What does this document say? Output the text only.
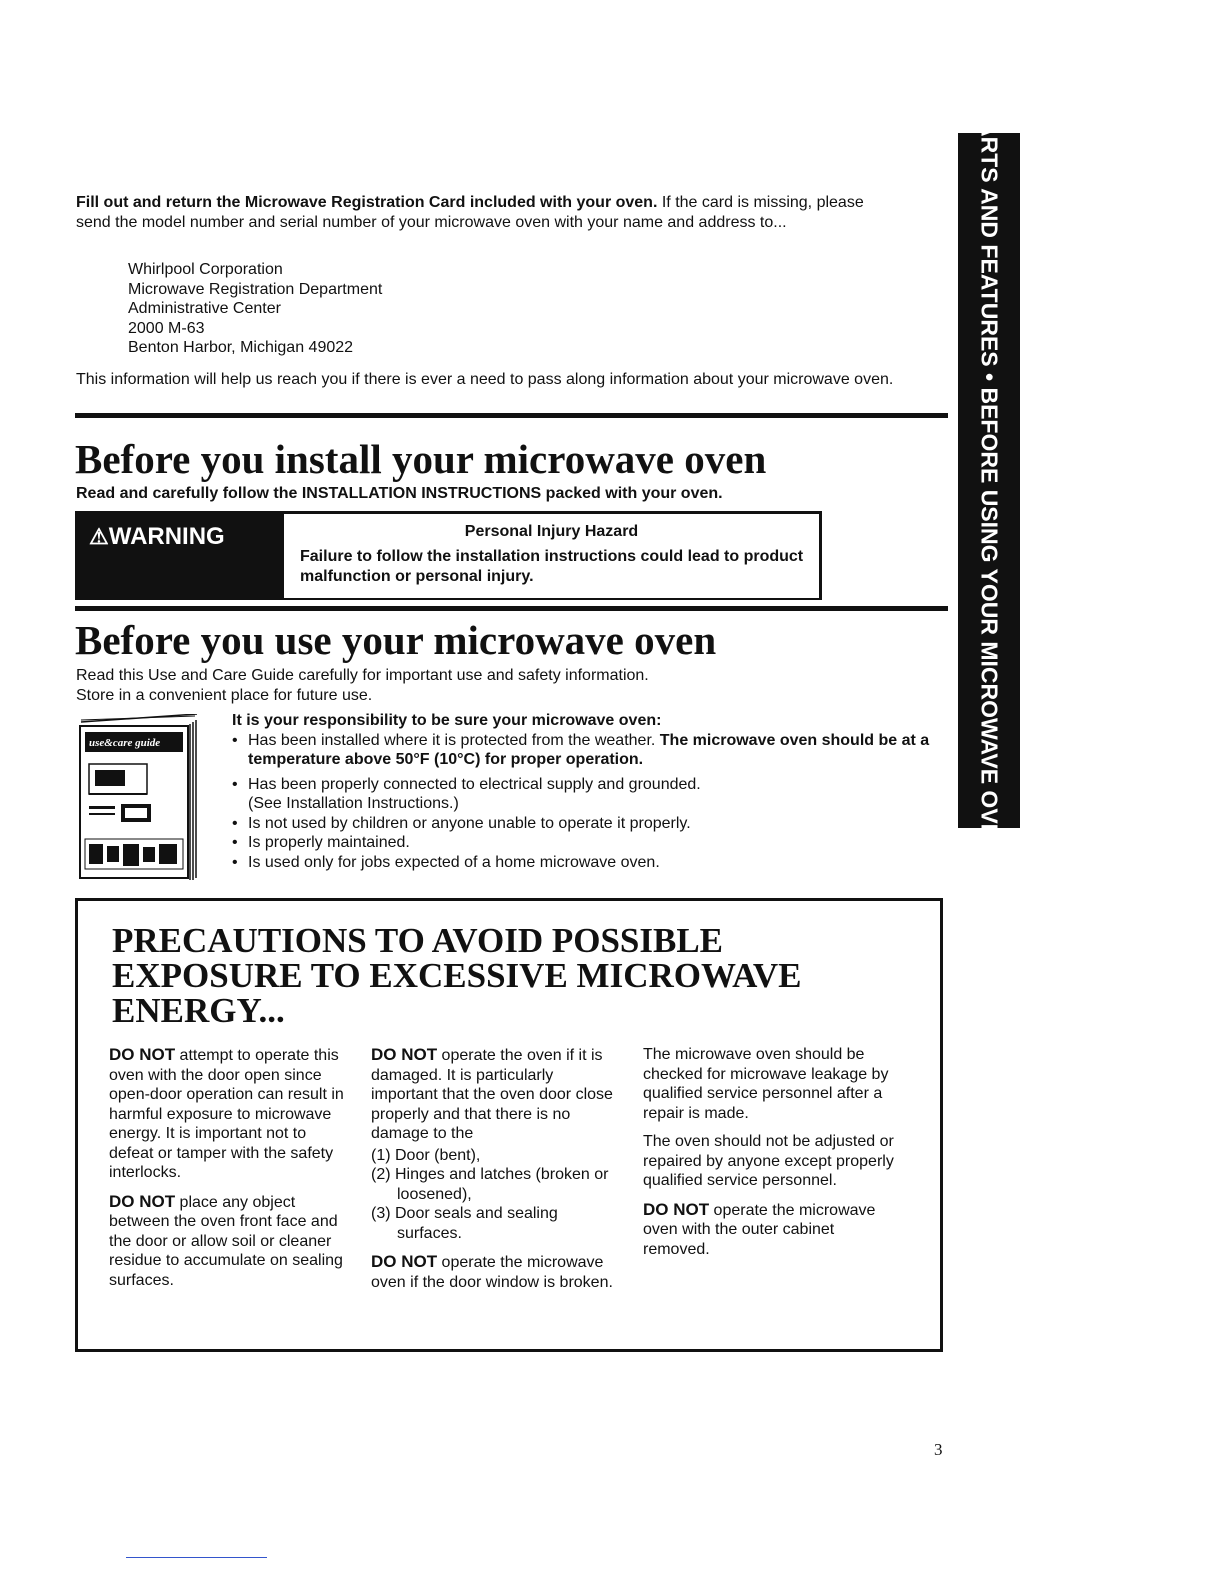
PARTS AND FEATURES • BEFORE USING YOUR MICROWAVE OVEN
Fill out and return the Microwave Registration Card included with your oven. If the card is missing, please send the model number and serial number of your microwave oven with your name and address to...
Whirlpool Corporation
Microwave Registration Department
Administrative Center
2000 M-63
Benton Harbor, Michigan 49022
This information will help us reach you if there is ever a need to pass along information about your microwave oven.
Before you install your microwave oven
Read and carefully follow the INSTALLATION INSTRUCTIONS packed with your oven.
⚠WARNING	Personal Injury Hazard
Failure to follow the installation instructions could lead to product malfunction or personal injury.
Before you use your microwave oven
Read this Use and Care Guide carefully for important use and safety information.
Store in a convenient place for future use.
use&care guide
It is your responsibility to be sure your microwave oven:
• Has been installed where it is protected from the weather. The microwave oven should be at a temperature above 50°F (10°C) for proper operation.
• Has been properly connected to electrical supply and grounded.
(See Installation Instructions.)
• Is not used by children or anyone unable to operate it properly.
• Is properly maintained.
• Is used only for jobs expected of a home microwave oven.
PRECAUTIONS TO AVOID POSSIBLE EXPOSURE TO EXCESSIVE MICROWAVE ENERGY...

DO NOT attempt to operate this oven with the door open since open-door operation can result in harmful exposure to microwave energy. It is important not to defeat or tamper with the safety interlocks.

DO NOT place any object between the oven front face and the door or allow soil or cleaner residue to accumulate on sealing surfaces.

DO NOT operate the oven if it is damaged. It is particularly important that the oven door close properly and that there is no damage to the

(1) Door (bent),
(2) Hinges and latches (broken or loosened),
(3) Door seals and sealing surfaces.

DO NOT operate the microwave oven if the door window is broken.

The microwave oven should be checked for microwave leakage by qualified service personnel after a repair is made.

The oven should not be adjusted or repaired by anyone except properly qualified service personnel.

DO NOT operate the microwave oven with the outer cabinet removed.

3
